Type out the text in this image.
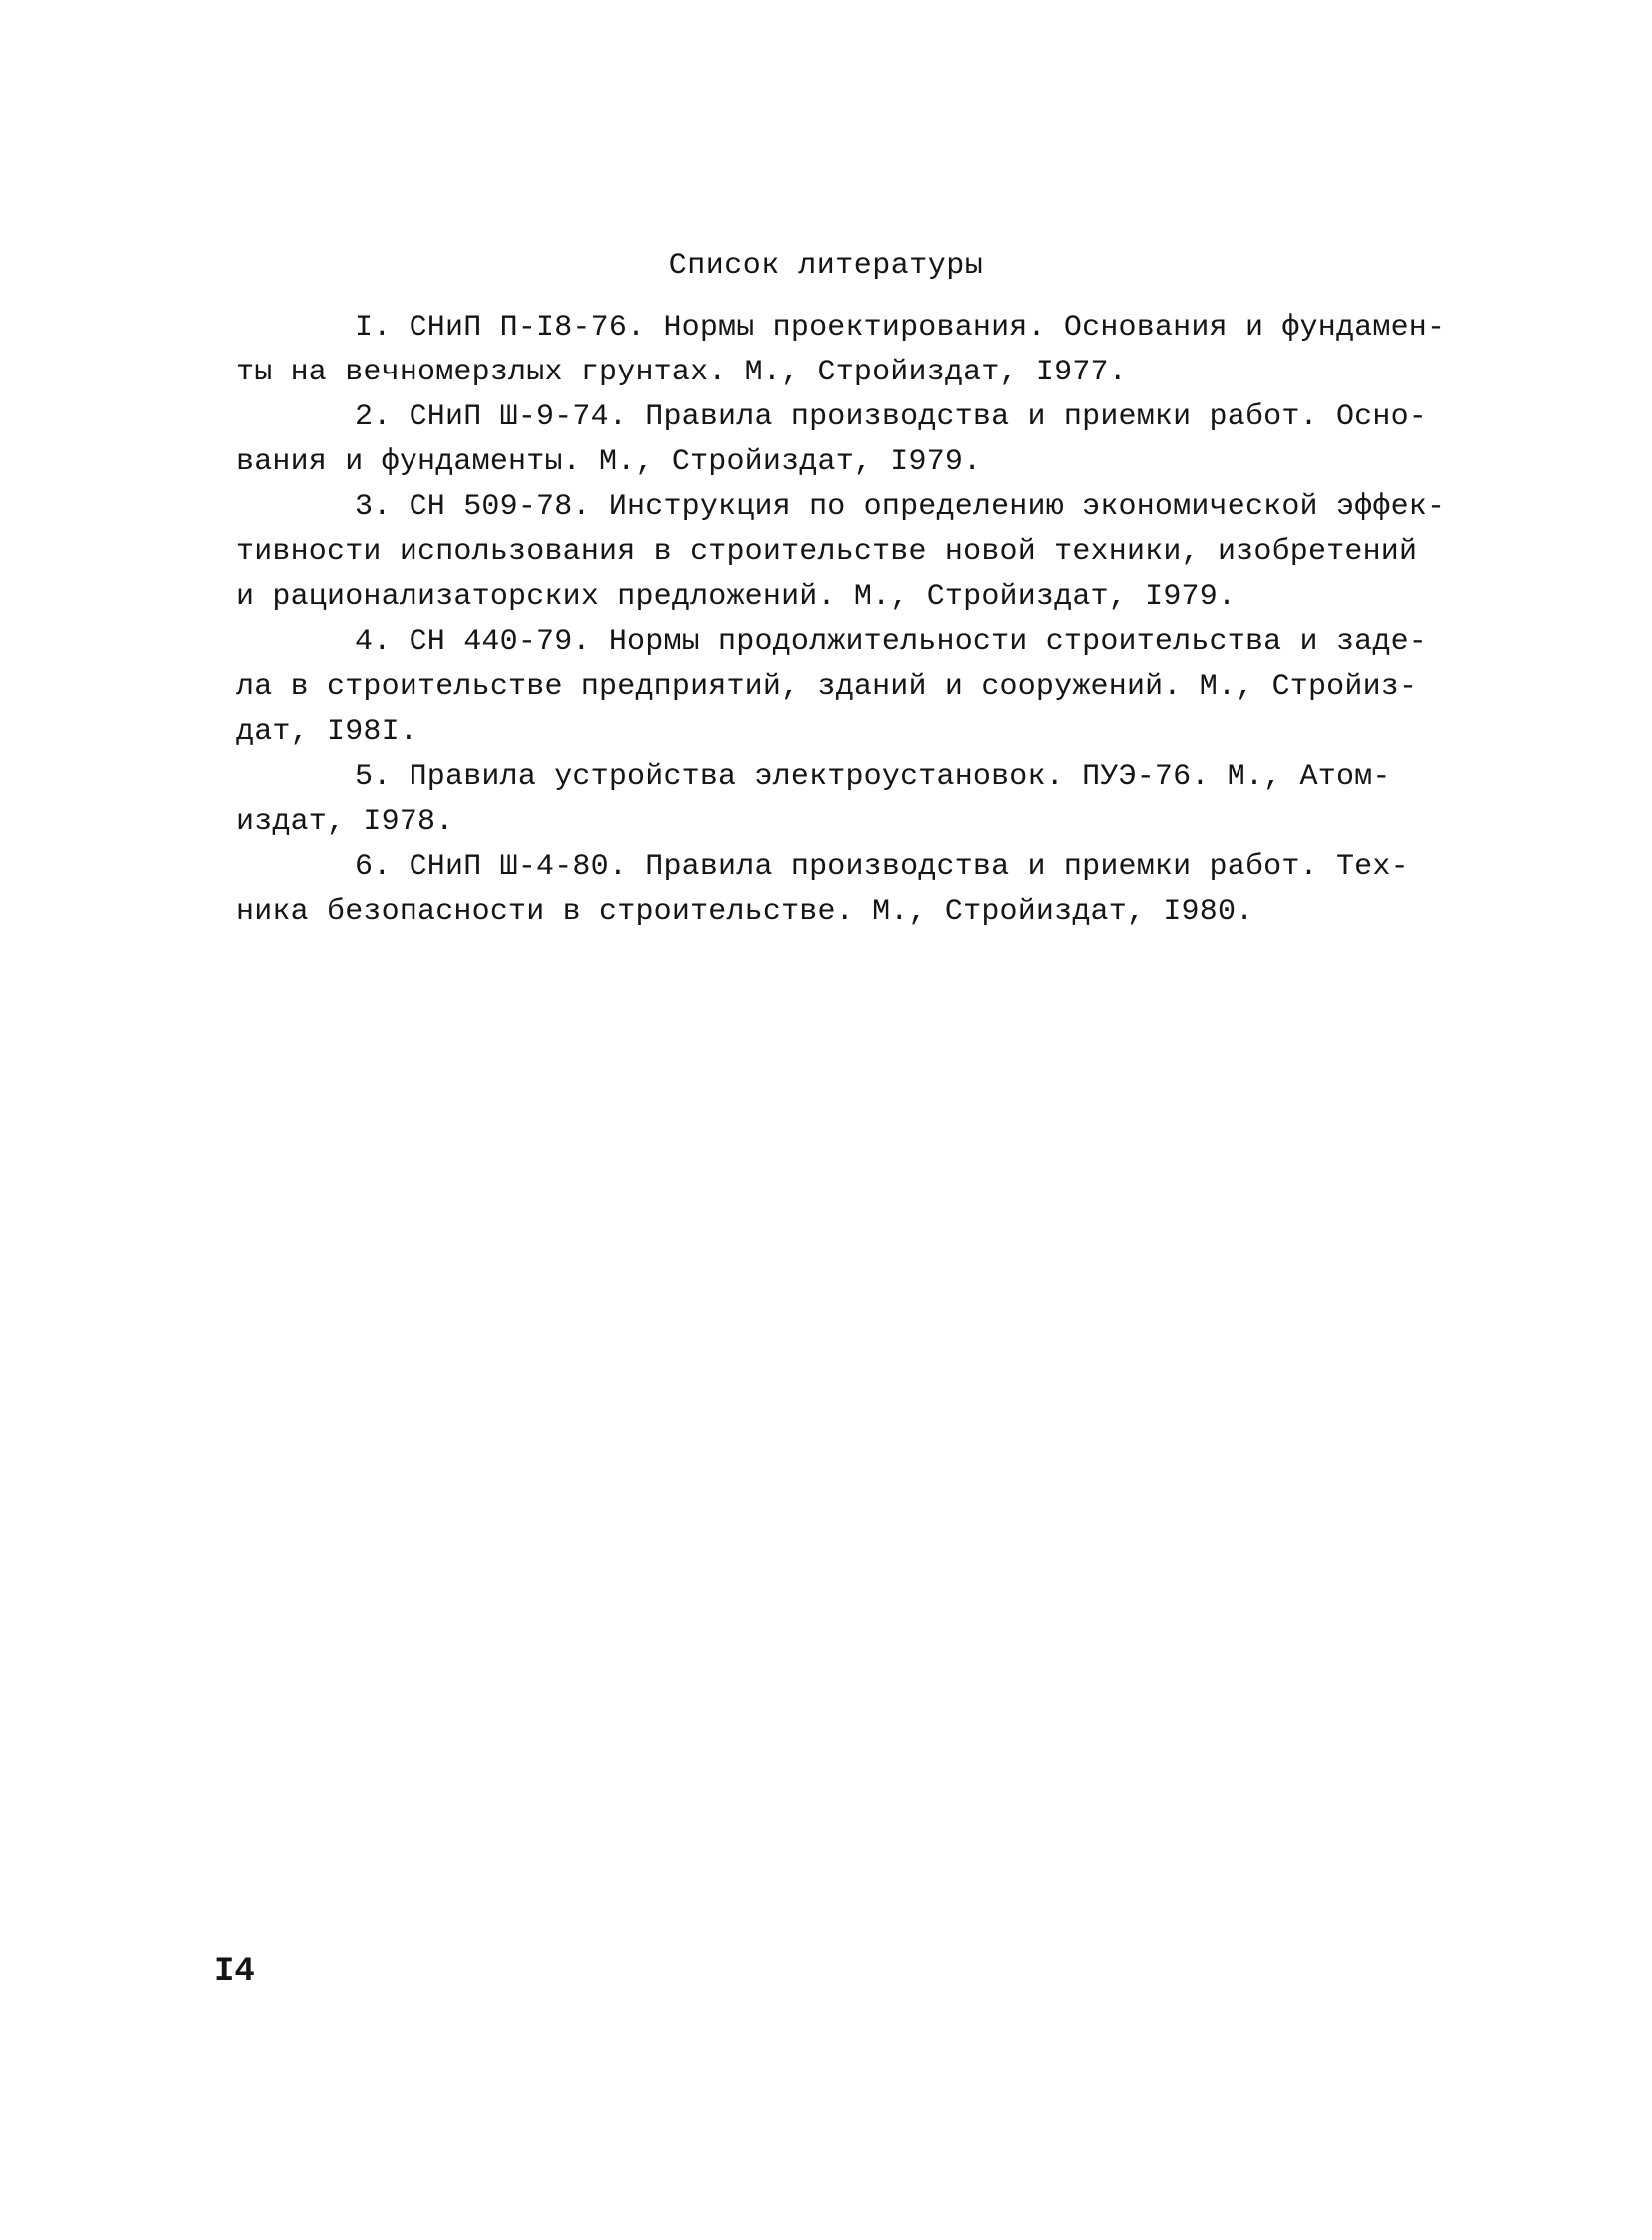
Список литературы
I. СНиП П-I8-76. Нормы проектирования. Основания и фундамен-
ты на вечномерзлых грунтах. М., Стройиздат, I977.
2. СНиП Ш-9-74. Правила производства и приемки работ. Осно-
вания и фундаменты. М., Стройиздат, I979.
3. СН 509-78. Инструкция по определению экономической эффек-
тивности использования в строительстве новой техники, изобретений
и рационализаторских предложений. М., Стройиздат, I979.
4. СН 440-79. Нормы продолжительности строительства и заде-
ла в строительстве предприятий, зданий и сооружений. М., Стройиз-
дат, I98I.
5. Правила устройства электроустановок. ПУЭ-76. М., Атом-
издат, I978.
6. СНиП Ш-4-80. Правила производства и приемки работ. Тех-
ника безопасности в строительстве. М., Стройиздат, I980.
I4
